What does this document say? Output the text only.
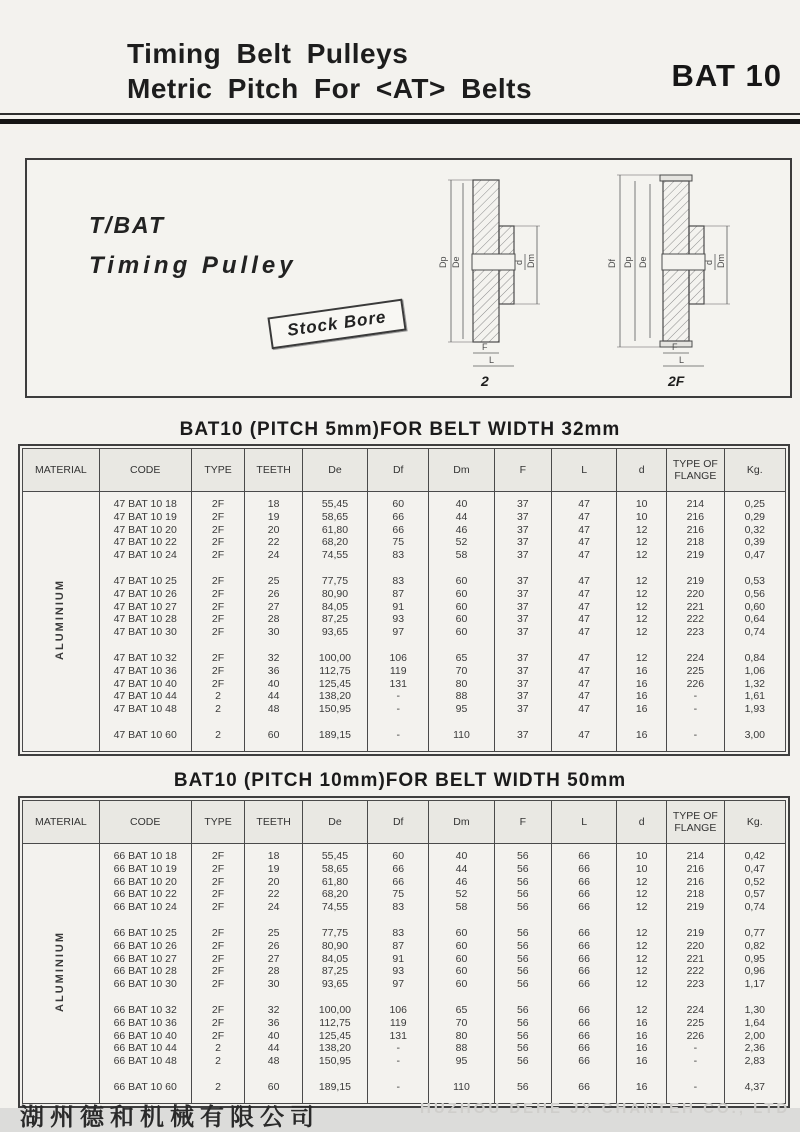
Timing Belt Pulleys
Metric Pitch For <AT> Belts	BAT 10
T/BAT
Timing Pulley
Stock Bore
Dp De	d Dm
F
L
2
Df Dp De	d Dm
F
L
2F
BAT10 (PITCH 5mm)FOR BELT WIDTH 32mm
MATERIAL	CODE	TYPE	TEETH	De	Df	Dm	F	L	d	TYPE OF FLANGE	Kg.
ALUMINIUM											
	47 BAT 10 18	2F	18	55,45	60	40	37	47	10	214	0,25
	47 BAT 10 19	2F	19	58,65	66	44	37	47	10	216	0,29
	47 BAT 10 20	2F	20	61,80	66	46	37	47	12	216	0,32
	47 BAT 10 22	2F	22	68,20	75	52	37	47	12	218	0,39
	47 BAT 10 24	2F	24	74,55	83	58	37	47	12	219	0,47

	47 BAT 10 25	2F	25	77,75	83	60	37	47	12	219	0,53
	47 BAT 10 26	2F	26	80,90	87	60	37	47	12	220	0,56
	47 BAT 10 27	2F	27	84,05	91	60	37	47	12	221	0,60
	47 BAT 10 28	2F	28	87,25	93	60	37	47	12	222	0,64
	47 BAT 10 30	2F	30	93,65	97	60	37	47	12	223	0,74

	47 BAT 10 32	2F	32	100,00	106	65	37	47	12	224	0,84
	47 BAT 10 36	2F	36	112,75	119	70	37	47	16	225	1,06
	47 BAT 10 40	2F	40	125,45	131	80	37	47	16	226	1,32
	47 BAT 10 44	2	44	138,20	-	88	37	47	16	-	1,61
	47 BAT 10 48	2	48	150,95	-	95	37	47	16	-	1,93

	47 BAT 10 60	2	60	189,15	-	110	37	47	16	-	3,00

BAT10 (PITCH 10mm)FOR BELT WIDTH 50mm
MATERIAL	CODE	TYPE	TEETH	De	Df	Dm	F	L	d	TYPE OF FLANGE	Kg.
ALUMINIUM											
	66 BAT 10 18	2F	18	55,45	60	40	56	66	10	214	0,42
	66 BAT 10 19	2F	19	58,65	66	44	56	66	10	216	0,47
	66 BAT 10 20	2F	20	61,80	66	46	56	66	12	216	0,52
	66 BAT 10 22	2F	22	68,20	75	52	56	66	12	218	0,57
	66 BAT 10 24	2F	24	74,55	83	58	56	66	12	219	0,74

	66 BAT 10 25	2F	25	77,75	83	60	56	66	12	219	0,77
	66 BAT 10 26	2F	26	80,90	87	60	56	66	12	220	0,82
	66 BAT 10 27	2F	27	84,05	91	60	56	66	12	221	0,95
	66 BAT 10 28	2F	28	87,25	93	60	56	66	12	222	0,96
	66 BAT 10 30	2F	30	93,65	97	60	56	66	12	223	1,17

	66 BAT 10 32	2F	32	100,00	106	65	56	66	12	224	1,30
	66 BAT 10 36	2F	36	112,75	119	70	56	66	16	225	1,64
	66 BAT 10 40	2F	40	125,45	131	80	56	66	16	226	2,00
	66 BAT 10 44	2	44	138,20	-	88	56	66	16	-	2,36
	66 BAT 10 48	2	48	150,95	-	95	56	66	16	-	2,83

	66 BAT 10 60	2	60	189,15	-	110	56	66	16	-	4,37

湖州德和机械有限公司	HUZHOU DEHE JX CHANTEH CO., LTD
